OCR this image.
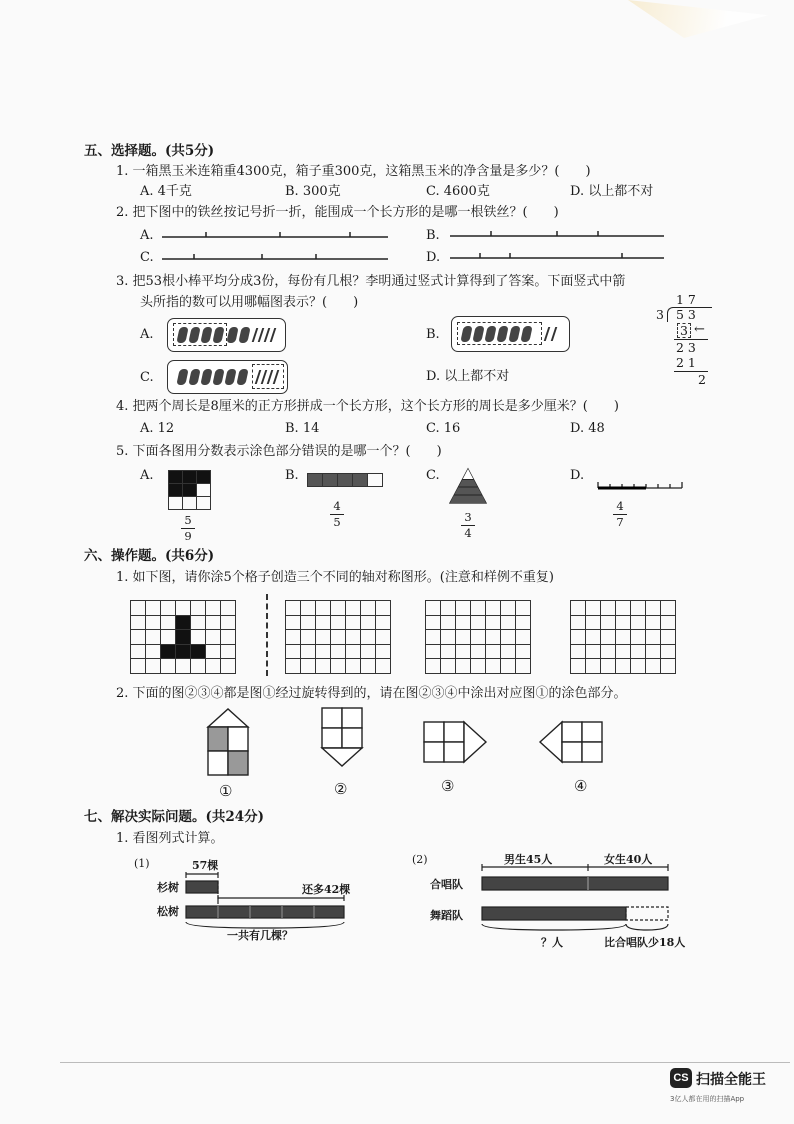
五、选择题。(共5分)
1. 一箱黑玉米连箱重4300克，箱子重300克，这箱黑玉米的净含量是多少？(　　)
A. 4千克	B. 300克	C. 4600克	D. 以上都不对
2. 把下图中的铁丝按记号折一折，能围成一个长方形的是哪一根铁丝？(　　)
A.	B.
C.	D.
3. 把53根小棒平均分成3份，每份有几根？李明通过竖式计算得到了答案。下面竖式中箭
头所指的数可以用哪幅图表示？(　　)
A.	B.
C.	D. 以上都不对
1 7
3 5 3
3 ←
2 3
2 1
2
4. 把两个周长是8厘米的正方形拼成一个长方形，这个长方形的周长是多少厘米？(　　)
A. 12	B. 14	C. 16	D. 48
5. 下面各图用分数表示涂色部分错误的是哪一个？(　　)
A.
5
9
B.
4
5
C.
3
4
D.
4
7
六、操作题。(共6分)
1. 如下图，请你涂5个格子创造三个不同的轴对称图形。(注意和样例不重复)
2. 下面的图②③④都是图①经过旋转得到的，请在图②③④中涂出对应图①的涂色部分。
①	②	③	④
七、解决实际问题。(共24分)
1. 看图列式计算。
(1)	57棵
杉树
松树
还多42棵
一共有几棵？
(2)	男生45人	女生40人
合唱队
舞蹈队
？人	比合唱队少18人
CS 扫描全能王
3亿人都在用的扫描App
